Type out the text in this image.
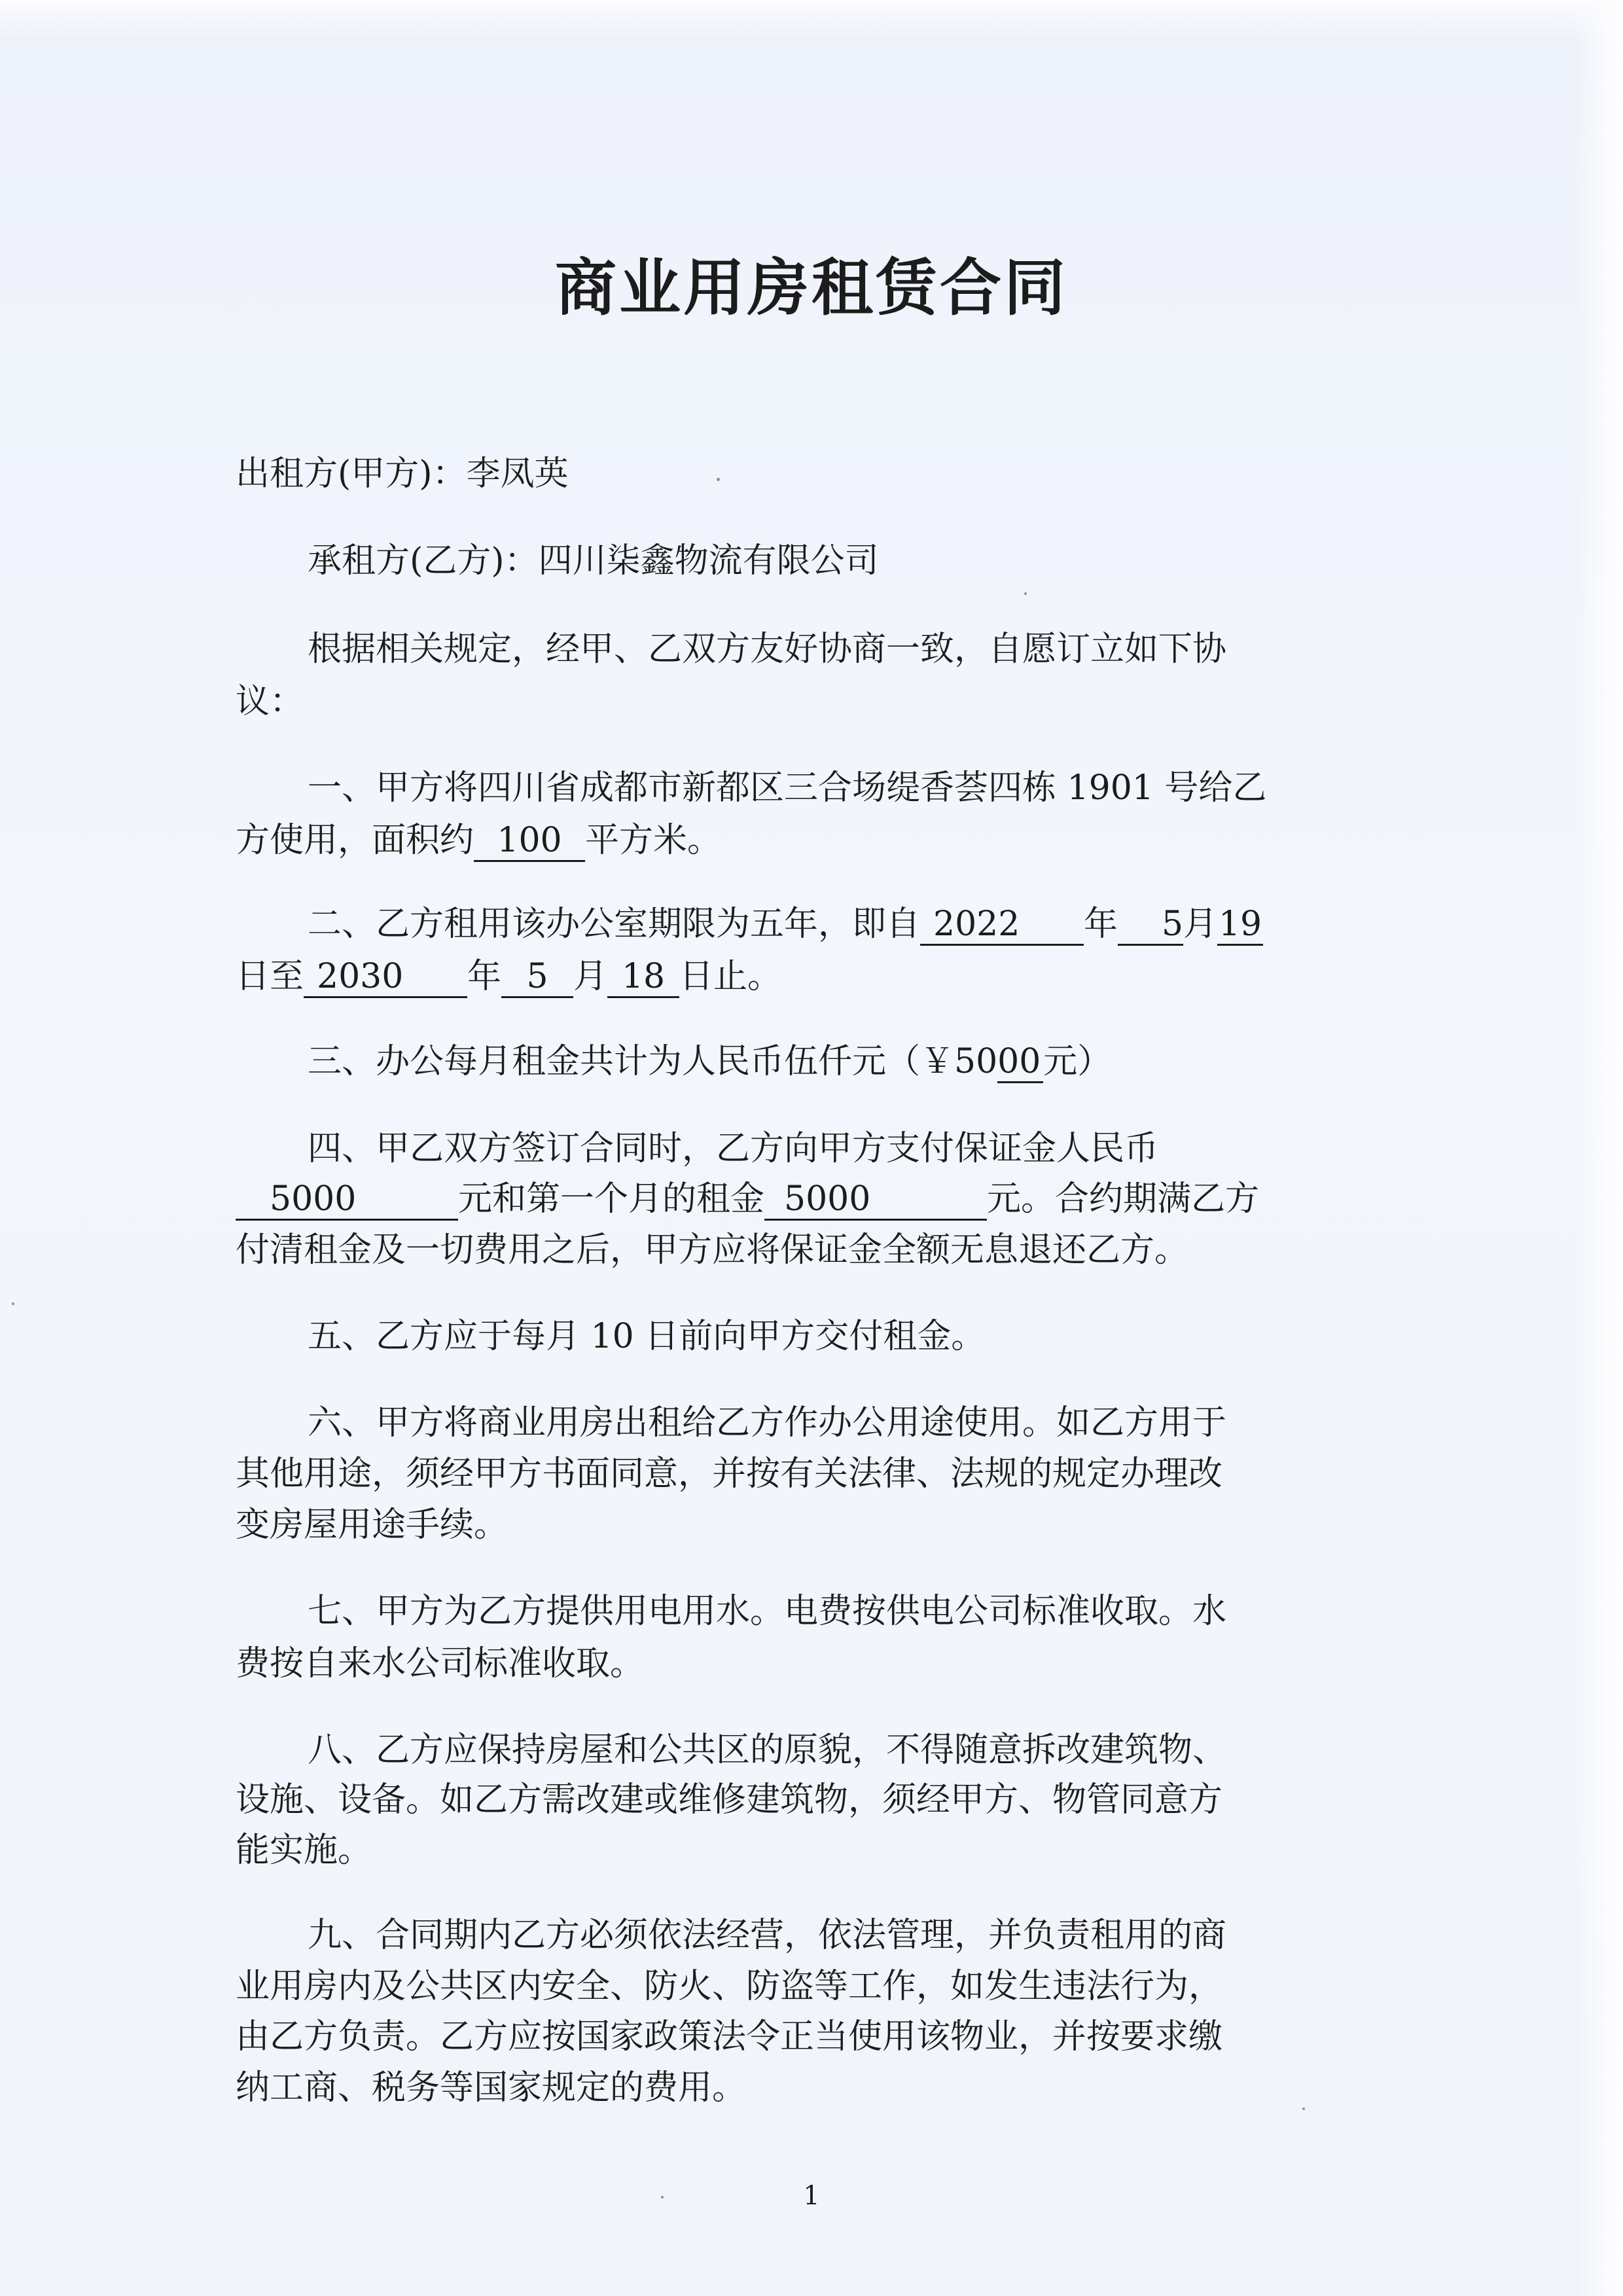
商业用房租赁合同
出租方(甲方)：李凤英
承租方(乙方)：四川柒鑫物流有限公司
根据相关规定，经甲、乙双方友好协商一致，自愿订立如下协
议：
一、甲方将四川省成都市新都区三合场缇香荟四栋 1901 号给乙
方使用，面积约 100 平方米。
二、乙方租用该办公室期限为五年，即自 2022 年 5月19
日至 2030 年 5 月 18 日止。
三、办公每月租金共计为人民币伍仟元（￥5000元）
四、甲乙双方签订合同时，乙方向甲方支付保证金人民币
5000	元和第一个月的租金 5000	元。合约期满乙方
付清租金及一切费用之后，甲方应将保证金全额无息退还乙方。
五、乙方应于每月 10 日前向甲方交付租金。
六、甲方将商业用房出租给乙方作办公用途使用。如乙方用于
其他用途，须经甲方书面同意，并按有关法律、法规的规定办理改
变房屋用途手续。
七、甲方为乙方提供用电用水。电费按供电公司标准收取。水
费按自来水公司标准收取。
八、乙方应保持房屋和公共区的原貌，不得随意拆改建筑物、
设施、设备。如乙方需改建或维修建筑物，须经甲方、物管同意方
能实施。
九、合同期内乙方必须依法经营，依法管理，并负责租用的商
业用房内及公共区内安全、防火、防盗等工作，如发生违法行为，
由乙方负责。乙方应按国家政策法令正当使用该物业，并按要求缴
纳工商、税务等国家规定的费用。
1
